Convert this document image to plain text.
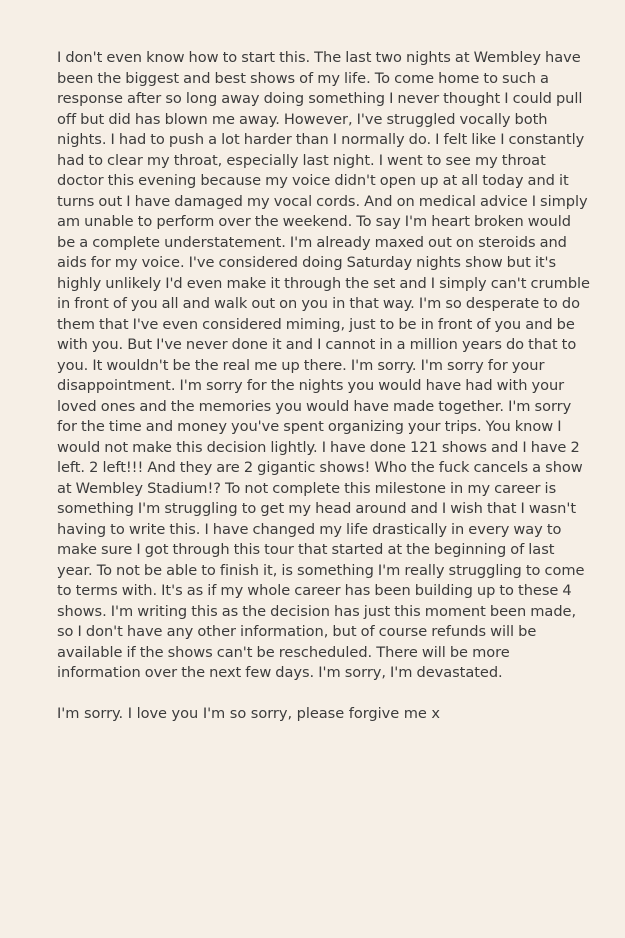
I don't even know how to start this. The last two nights at Wembley have been the biggest and best shows of my life. To come home to such a response after so long away doing something I never thought I could pull off but did has blown me away. However, I've struggled vocally both nights. I had to push a lot harder than I normally do. I felt like I constantly had to clear my throat, especially last night. I went to see my throat doctor this evening because my voice didn't open up at all today and it turns out I have damaged my vocal cords. And on medical advice I simply am unable to perform over the weekend. To say I'm heart broken would be a complete understatement. I'm already maxed out on steroids and aids for my voice. I've considered doing Saturday nights show but it's highly unlikely I'd even make it through the set and I simply can't crumble in front of you all and walk out on you in that way. I'm so desperate to do them that I've even considered miming, just to be in front of you and be with you. But I've never done it and I cannot in a million years do that to you. It wouldn't be the real me up there. I'm sorry. I'm sorry for your disappointment. I'm sorry for the nights you would have had with your loved ones and the memories you would have made together. I'm sorry for the time and money you've spent organizing your trips. You know I would not make this decision lightly. I have done 121 shows and I have 2 left. 2 left!!! And they are 2 gigantic shows! Who the fuck cancels a show at Wembley Stadium!? To not complete this milestone in my career is something I'm struggling to get my head around and I wish that I wasn't having to write this. I have changed my life drastically in every way to make sure I got through this tour that started at the beginning of last year. To not be able to finish it, is something I'm really struggling to come to terms with. It's as if my whole career has been building up to these 4 shows. I'm writing this as the decision has just this moment been made, so I don't have any other information, but of course refunds will be available if the shows can't be rescheduled. There will be more information over the next few days. I'm sorry, I'm devastated.

I'm sorry. I love you I'm so sorry, please forgive me x
